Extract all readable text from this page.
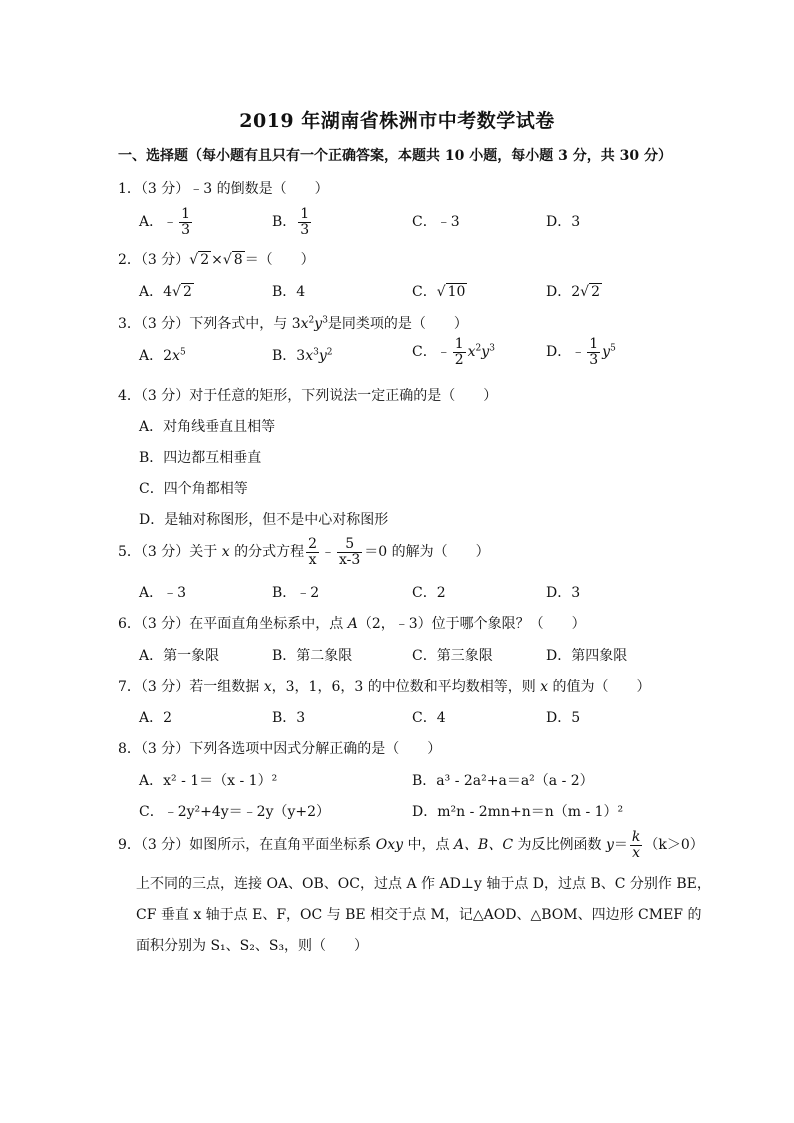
2019 年湖南省株洲市中考数学试卷
一、选择题（每小题有且只有一个正确答案，本题共 10 小题，每小题 3 分，共 30 分）
1．（3 分）﹣3 的倒数是（　　）
A．﹣ $\frac{1}{3}$	B． $\frac{1}{3}$	C．﹣3	D．3
2．（3 分）√ 2 ×√ 8 ＝（　　）
A．4√ 2	B．4	C．√ 10	D．2√ 2
3．（3 分）下列各式中，与 $3x^2y^3$是同类项的是（　　）
A．$2x^5$	B．$3x^3y^2$	C．﹣ $\frac{1}{2} x^2y^3$	D．﹣ $\frac{1}{3} y^5$
4．（3 分）对于任意的矩形，下列说法一定正确的是（　　）
A．对角线垂直且相等
B．四边都互相垂直
C．四个角都相等
D．是轴对称图形，但不是中心对称图形
5．（3 分）关于 x 的分式方程 $\frac{2}{x}$ ﹣ $\frac{5}{x-3} =0$ 的解为（　　）
A．﹣3	B．﹣2	C．2	D．3
6．（3 分）在平面直角坐标系中，点 A（2，﹣3）位于哪个象限？（　　）
A．第一象限	B．第二象限	C．第三象限	D．第四象限
7．（3 分）若一组数据 x，3，1，6，3 的中位数和平均数相等，则 x 的值为（　　）
A．2	B．3	C．4	D．5
8．（3 分）下列各选项中因式分解正确的是（　　）
A．x² - 1＝（x - 1）²	B．a³ - 2a²+a＝a²（a - 2）
C．﹣2y²+4y＝﹣2y（y+2）	D．m²n - 2mn+n＝n（m - 1）²
9．（3 分）如图所示，在直角平面坐标系 Oxy 中，点 A、B、C 为反比例函数 $y= \frac{k}{x} (k>0)$
上不同的三点，连接 OA、OB、OC，过点 A 作 AD⊥y 轴于点 D，过点 B、C 分别作 BE，
CF 垂直 x 轴于点 E、F，OC 与 BE 相交于点 M，记△AOD、△BOM、四边形 CMEF 的
面积分别为 S₁、S₂、S₃，则（　　）
